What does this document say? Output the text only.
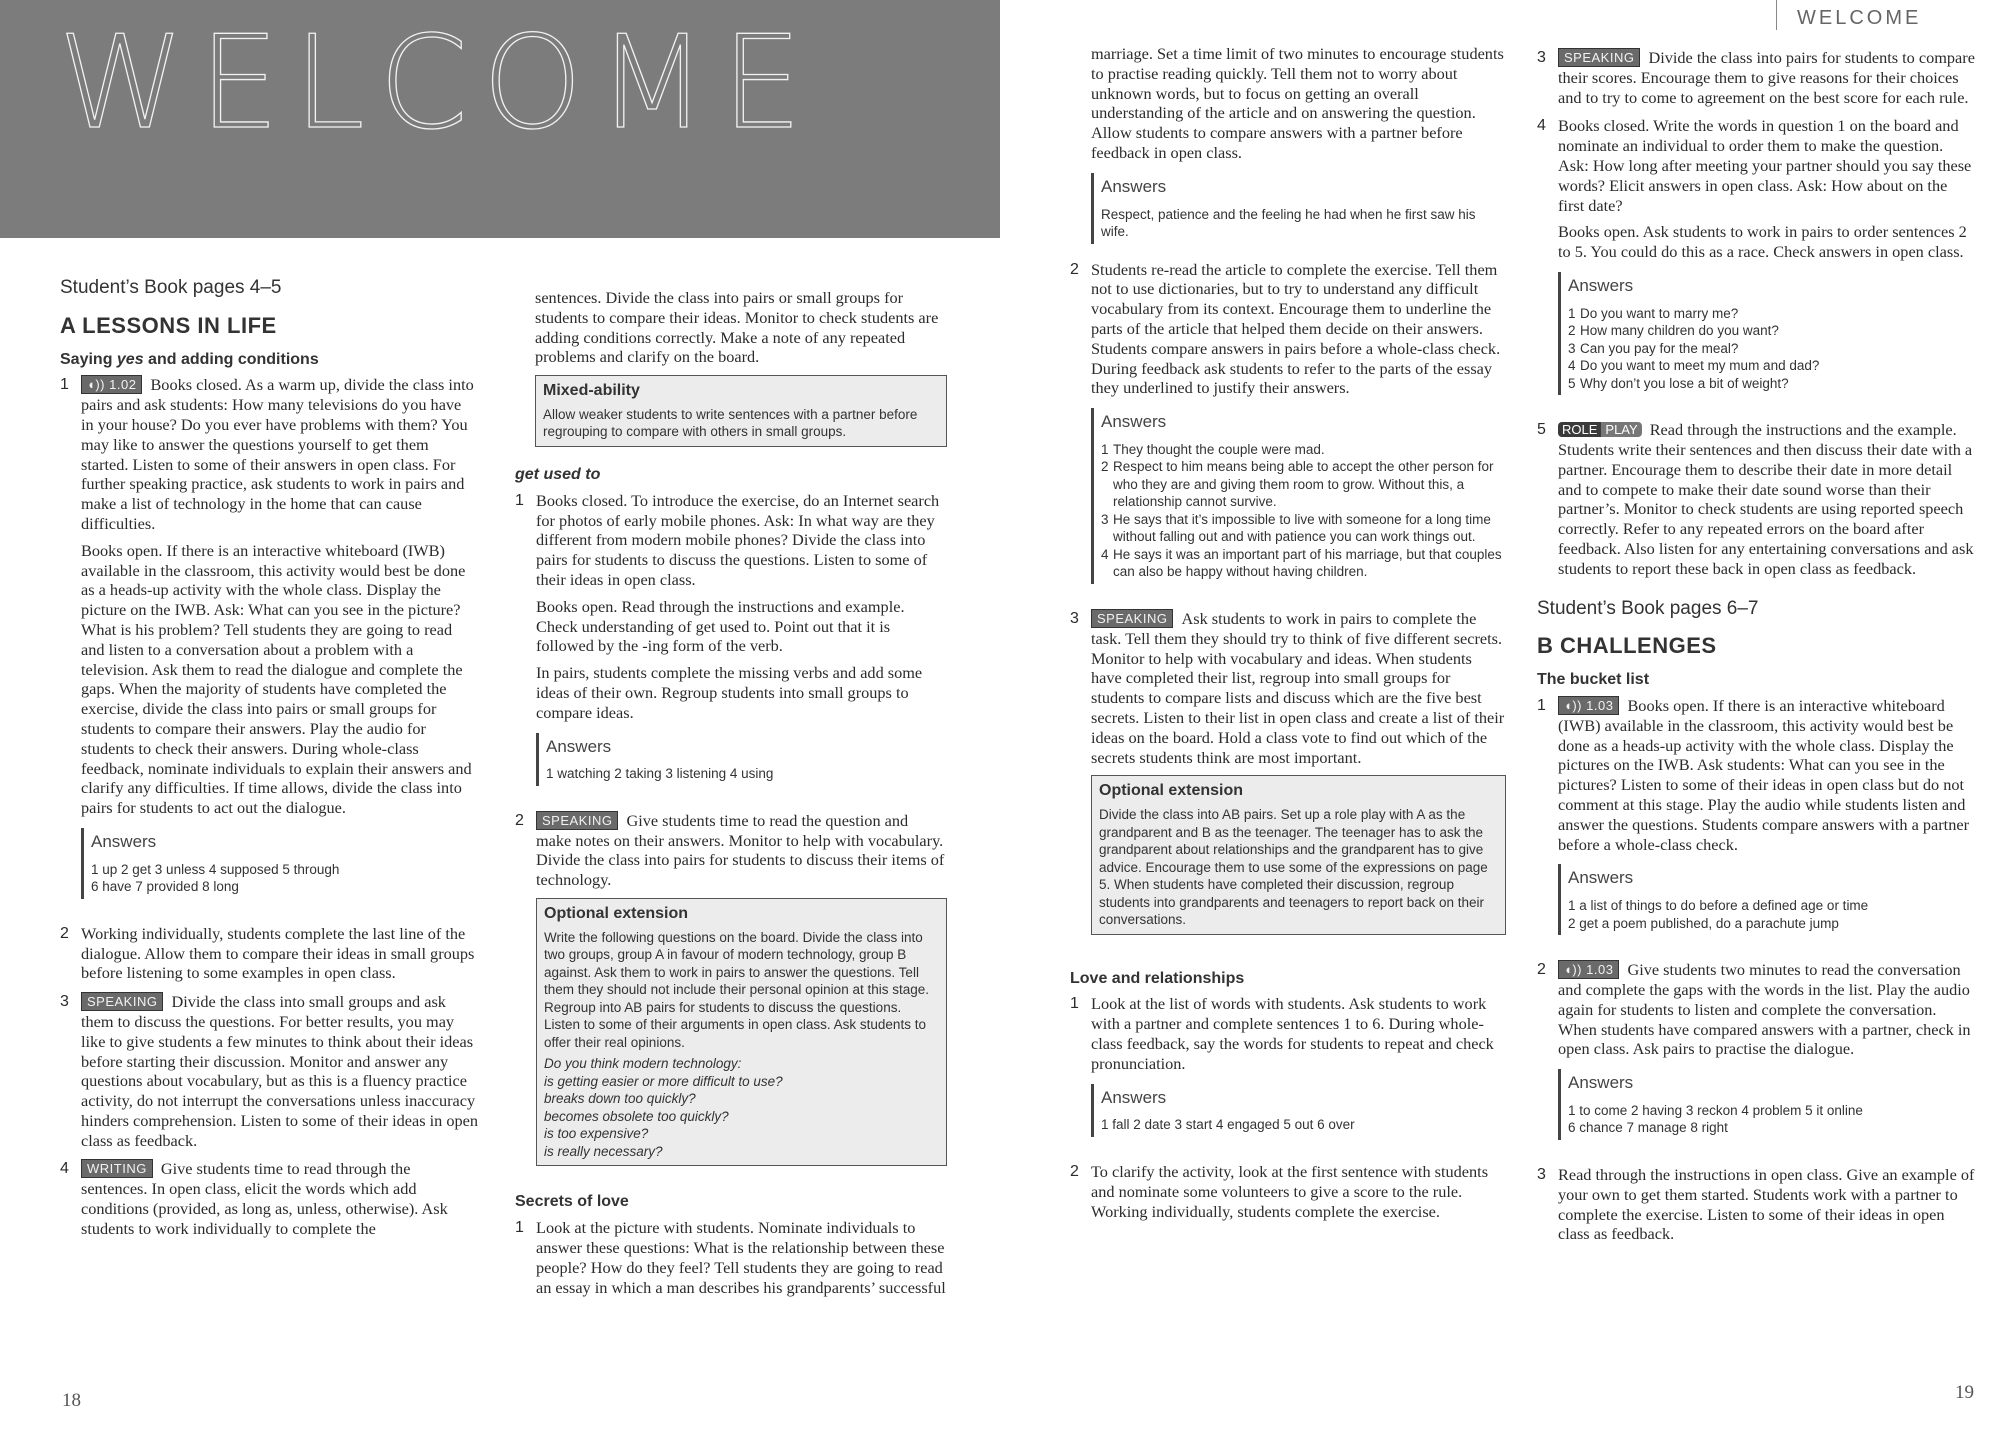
WELCOME	WELCOME
Student’s Book pages 4–5
A LESSONS IN LIFE
Saying yes and adding conditions
1	◖)) 1.02 Books closed. As a warm up, divide the class into pairs and ask students: How many televisions do you have in your house? Do you ever have problems with them? You may like to answer the questions yourself to get them started. Listen to some of their answers in open class. For further speaking practice, ask students to work in pairs and make a list of technology in the home that can cause difficulties.

Books open. If there is an interactive whiteboard (IWB) available in the classroom, this activity would best be done as a heads-up activity with the whole class. Display the picture on the IWB. Ask: What can you see in the picture? What is his problem? Tell students they are going to read and listen to a conversation about a problem with a television. Ask them to read the dialogue and complete the gaps. When the majority of students have completed the exercise, divide the class into pairs or small groups for students to compare their answers. Play the audio for students to check their answers. During whole-class feedback, nominate individuals to explain their answers and clarify any difficulties. If time allows, divide the class into pairs for students to act out the dialogue.

Answers
1 up 2 get 3 unless 4 supposed 5 through
6 have 7 provided 8 long
2 Working individually, students complete the last line of the dialogue. Allow them to compare their ideas in small groups before listening to some examples in open class.

3	SPEAKING Divide the class into small groups and ask them to discuss the questions. For better results, you may like to give students a few minutes to think about their ideas before starting their discussion. Monitor and answer any questions about vocabulary, but as this is a fluency practice activity, do not interrupt the conversations unless inaccuracy hinders comprehension. Listen to some of their ideas in open class as feedback.

4	WRITING Give students time to read through the sentences. In open class, elicit the words which add conditions (provided, as long as, unless, otherwise). Ask students to work individually to complete the

18

sentences. Divide the class into pairs or small groups for students to compare their ideas. Monitor to check students are adding conditions correctly. Make a note of any repeated problems and clarify on the board.

Mixed-ability
Allow weaker students to write sentences with a partner before regrouping to compare with others in small groups.
get used to
1 Books closed. To introduce the exercise, do an Internet search for photos of early mobile phones. Ask: In what way are they different from modern mobile phones? Divide the class into pairs for students to discuss the questions. Listen to some of their ideas in open class.

Books open. Read through the instructions and example. Check understanding of get used to. Point out that it is followed by the -ing form of the verb.

In pairs, students complete the missing verbs and add some ideas of their own. Regroup students into small groups to compare ideas.

Answers
1 watching 2 taking 3 listening 4 using
2	SPEAKING Give students time to read the question and make notes on their answers. Monitor to help with vocabulary. Divide the class into pairs for students to discuss their items of technology.

Optional extension
Write the following questions on the board. Divide the class into two groups, group A in favour of modern technology, group B against. Ask them to work in pairs to answer the questions. Tell them they should not include their personal opinion at this stage. Regroup into AB pairs for students to discuss the questions. Listen to some of their arguments in open class. Ask students to offer their real opinions.
Do you think modern technology:
is getting easier or more difficult to use?
breaks down too quickly?
becomes obsolete too quickly?
is too expensive?
is really necessary?
Secrets of love
1 Look at the picture with students. Nominate individuals to answer these questions: What is the relationship between these people? How do they feel? Tell students they are going to read an essay in which a man describes his grandparents’ successful

marriage. Set a time limit of two minutes to encourage students to practise reading quickly. Tell them not to worry about unknown words, but to focus on getting an overall understanding of the article and on answering the question. Allow students to compare answers with a partner before feedback in open class.

Answers
Respect, patience and the feeling he had when he first saw his wife.
2 Students re-read the article to complete the exercise. Tell them not to use dictionaries, but to try to understand any difficult vocabulary from its context. Encourage them to underline the parts of the article that helped them decide on their answers. Students compare answers in pairs before a whole-class check. During feedback ask students to refer to the parts of the essay they underlined to justify their answers.

Answers
1 They thought the couple were mad.
2 Respect to him means being able to accept the other person for who they are and giving them room to grow. Without this, a relationship cannot survive.
3 He says that it’s impossible to live with someone for a long time without falling out and with patience you can work things out.
4 He says it was an important part of his marriage, but that couples can also be happy without having children.
3	SPEAKING Ask students to work in pairs to complete the task. Tell them they should try to think of five different secrets. Monitor to help with vocabulary and ideas. When students have completed their list, regroup into small groups for students to compare lists and discuss which are the five best secrets. Listen to their list in open class and create a list of their ideas on the board. Hold a class vote to find out which of the secrets students think are most important.

Optional extension
Divide the class into AB pairs. Set up a role play with A as the grandparent and B as the teenager. The teenager has to ask the grandparent about relationships and the grandparent has to give advice. Encourage them to use some of the expressions on page 5. When students have completed their discussion, regroup students into grandparents and teenagers to report back on their conversations.
Love and relationships
1 Look at the list of words with students. Ask students to work with a partner and complete sentences 1 to 6. During whole-class feedback, say the words for students to repeat and check pronunciation.

Answers
1 fall 2 date 3 start 4 engaged 5 out 6 over
2 To clarify the activity, look at the first sentence with students and nominate some volunteers to give a score to the rule. Working individually, students complete the exercise.

3	SPEAKING Divide the class into pairs for students to compare their scores. Encourage them to give reasons for their choices and to try to come to agreement on the best score for each rule.

4 Books closed. Write the words in question 1 on the board and nominate an individual to order them to make the question. Ask: How long after meeting your partner should you say these words? Elicit answers in open class. Ask: How about on the first date?

Books open. Ask students to work in pairs to order sentences 2 to 5. You could do this as a race. Check answers in open class.

Answers
1 Do you want to marry me?
2 How many children do you want?
3 Can you pay for the meal?
4 Do you want to meet my mum and dad?
5 Why don’t you lose a bit of weight?
5	ROLE PLAY Read through the instructions and the example. Students write their sentences and then discuss their date with a partner. Encourage them to describe their date in more detail and to compete to make their date sound worse than their partner’s. Monitor to check students are using reported speech correctly. Refer to any repeated errors on the board after feedback. Also listen for any entertaining conversations and ask students to report these back in open class as feedback.

Student’s Book pages 6–7
B CHALLENGES
The bucket list
1	◖)) 1.03 Books open. If there is an interactive whiteboard (IWB) available in the classroom, this activity would best be done as a heads-up activity with the whole class. Display the pictures on the IWB. Ask students: What can you see in the pictures? Listen to some of their ideas in open class but do not comment at this stage. Play the audio while students listen and answer the questions. Students compare answers with a partner before a whole-class check.

Answers
1 a list of things to do before a defined age or time
2 get a poem published, do a parachute jump
2	◖)) 1.03 Give students two minutes to read the conversation and complete the gaps with the words in the list. Play the audio again for students to listen and complete the conversation. When students have compared answers with a partner, check in open class. Ask pairs to practise the dialogue.

Answers
1 to come 2 having 3 reckon 4 problem 5 it online
6 chance 7 manage 8 right
3 Read through the instructions in open class. Give an example of your own to get them started. Students work with a partner to complete the exercise. Listen to some of their ideas in open class as feedback.

19
